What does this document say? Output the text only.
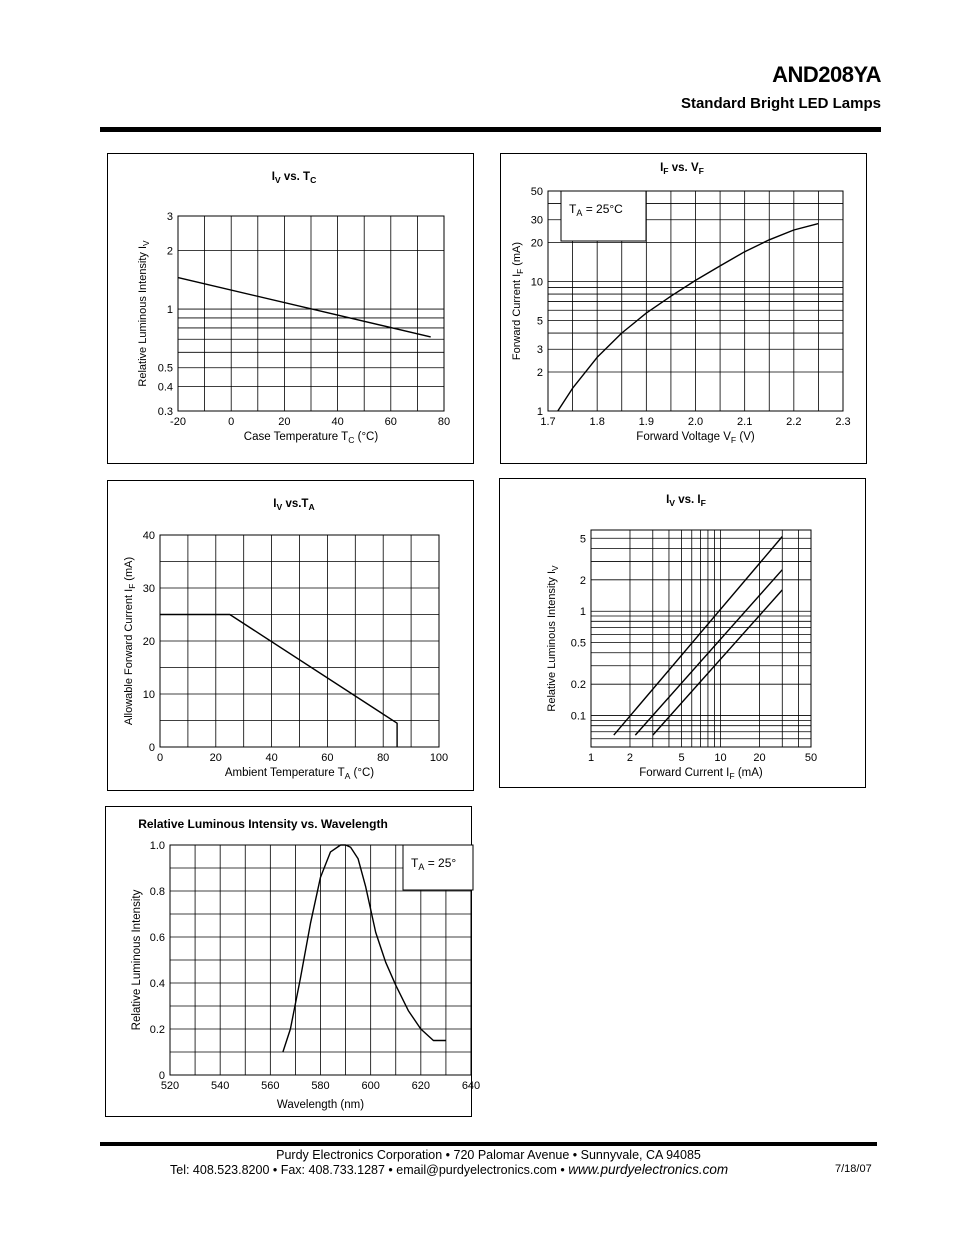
AND208YA
Standard Bright LED Lamps
-20	0	20	40	60	80
0.3
0.4
0.5
1
2
3
$I_V$ vs. $T_C$
Case Temperature $T_C$ (°C)
Relative Luminous Intensity $I_V$
$T_A = 25^\circ C$
1.7	1.8	1.9	2.0	2.1	2.2	2.3
1
2
3
5
10
20
30
50
$I_F$ vs. $V_F$
Forward Voltage $V_F$ (V)
Forward Current $I_F$ (mA)
0	20	40	60	80	100
0
10
20
30
40
$I_V$ $vs.T_A$
Ambient Temperature $T_A$ (°C)
Allowable Forward Current $I_F$ (mA)
1	2	5	10 20	50
0.1
0.2
0.5
1
2
5
$I_V$ vs. $I_F$
Forward Current $I_F$ (mA)
Relative Luminous Intensity $I_V$
$T_A = 25^\circ$
520	540	560	580	600	620	640
0
0.2
0.4
0.6
0.8
1.0
Relative Luminous Intensity vs. Wavelength
Wavelength (nm)
Relative Luminous Intensity
Purdy Electronics Corporation • 720 Palomar Avenue • Sunnyvale, CA 94085
Tel: 408.523.8200 • Fax: 408.733.1287 • email@purdyelectronics.com • www.purdyelectronics.com	7/18/07
